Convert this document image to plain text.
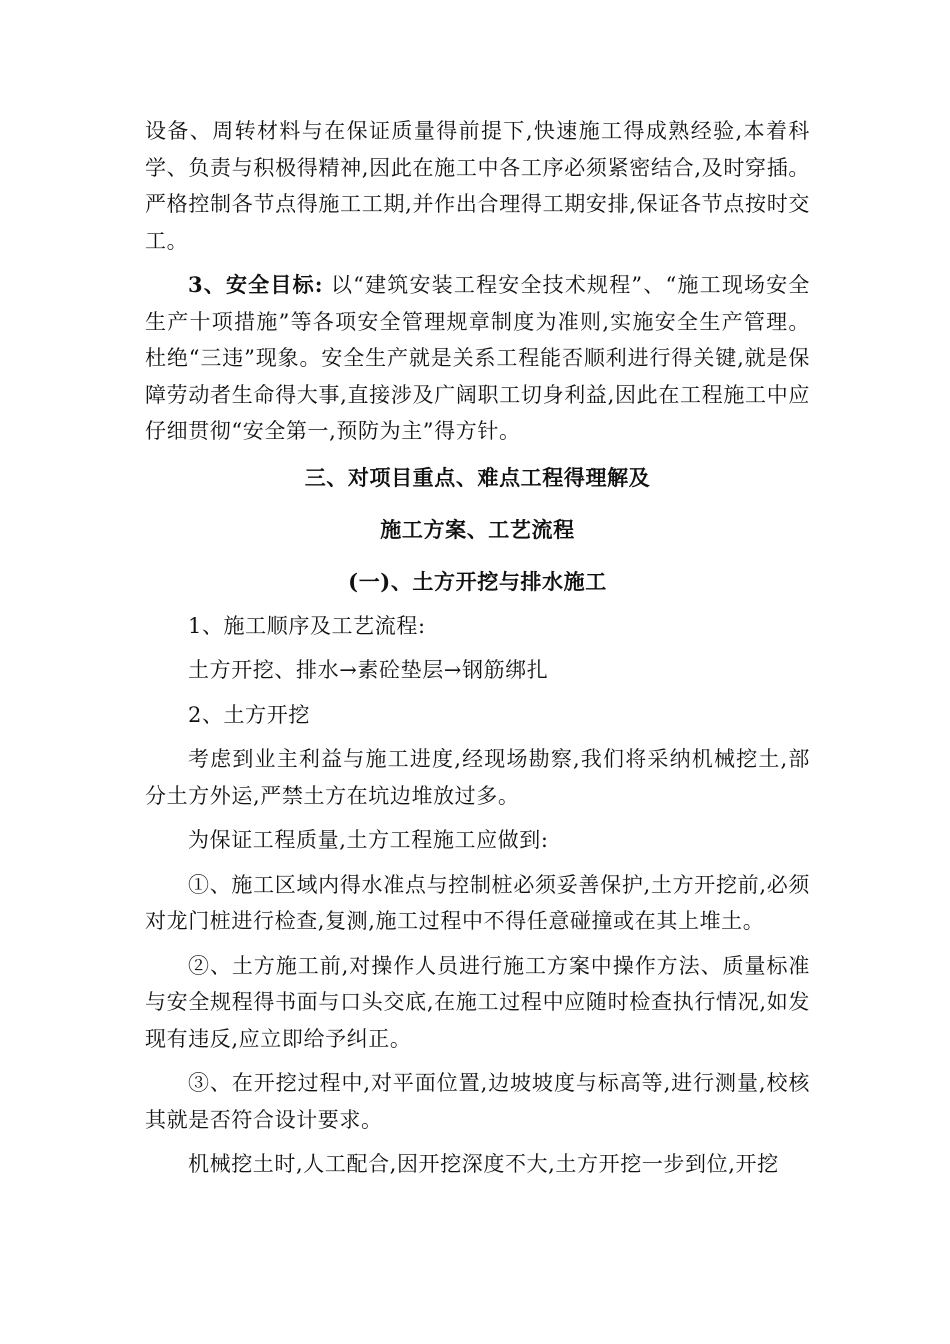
设备、周转材料与在保证质量得前提下,快速施工得成熟经验,本着科学、负责与积极得精神,因此在施工中各工序必须紧密结合,及时穿插。严格控制各节点得施工工期,并作出合理得工期安排,保证各节点按时交工。

3、安全目标: 以“建筑安装工程安全技术规程”、“施工现场安全生产十项措施”等各项安全管理规章制度为准则,实施安全生产管理。杜绝“三违”现象。安全生产就是关系工程能否顺利进行得关键,就是保障劳动者生命得大事,直接涉及广阔职工切身利益,因此在工程施工中应仔细贯彻“安全第一,预防为主”得方针。

三、对项目重点、难点工程得理解及
施工方案、工艺流程
(一)、土方开挖与排水施工

1、施工顺序及工艺流程:

土方开挖、排水→素砼垫层→钢筋绑扎

2、土方开挖

考虑到业主利益与施工进度,经现场勘察,我们将采纳机械挖土,部分土方外运,严禁土方在坑边堆放过多。

为保证工程质量,土方工程施工应做到:

①、施工区域内得水准点与控制桩必须妥善保护,土方开挖前,必须对龙门桩进行检查,复测,施工过程中不得任意碰撞或在其上堆土。

②、土方施工前,对操作人员进行施工方案中操作方法、质量标准与安全规程得书面与口头交底,在施工过程中应随时检查执行情况,如发现有违反,应立即给予纠正。

③、在开挖过程中,对平面位置,边坡坡度与标高等,进行测量,校核其就是否符合设计要求。

机械挖土时,人工配合,因开挖深度不大,土方开挖一步到位,开挖
